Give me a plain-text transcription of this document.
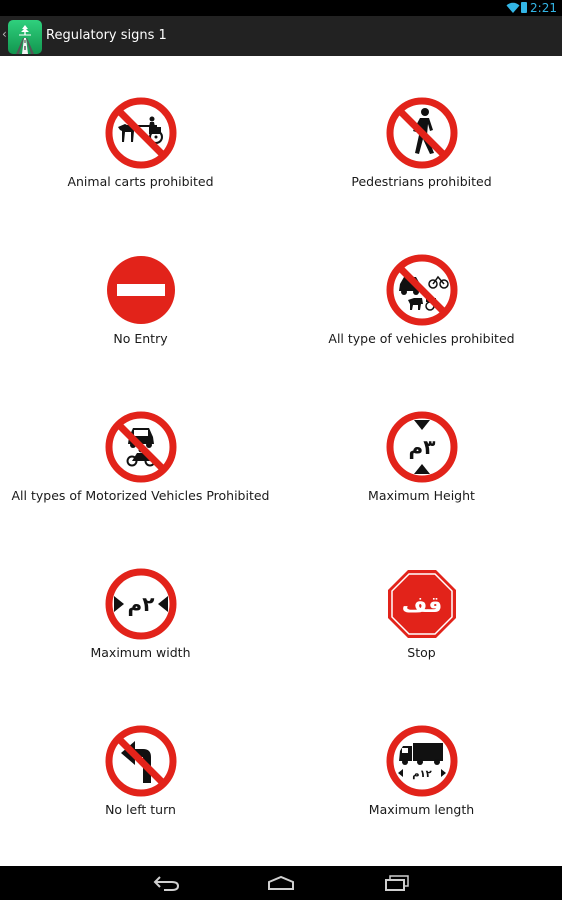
2:21
‹	Regulatory signs 1
Animal carts prohibited	Pedestrians prohibited
No Entry	All type of vehicles prohibited
All types of Motorized Vehicles Prohibited
٣م
Maximum Height
٢م
Maximum width
قف
Stop
No left turn
١٢م
Maximum length
